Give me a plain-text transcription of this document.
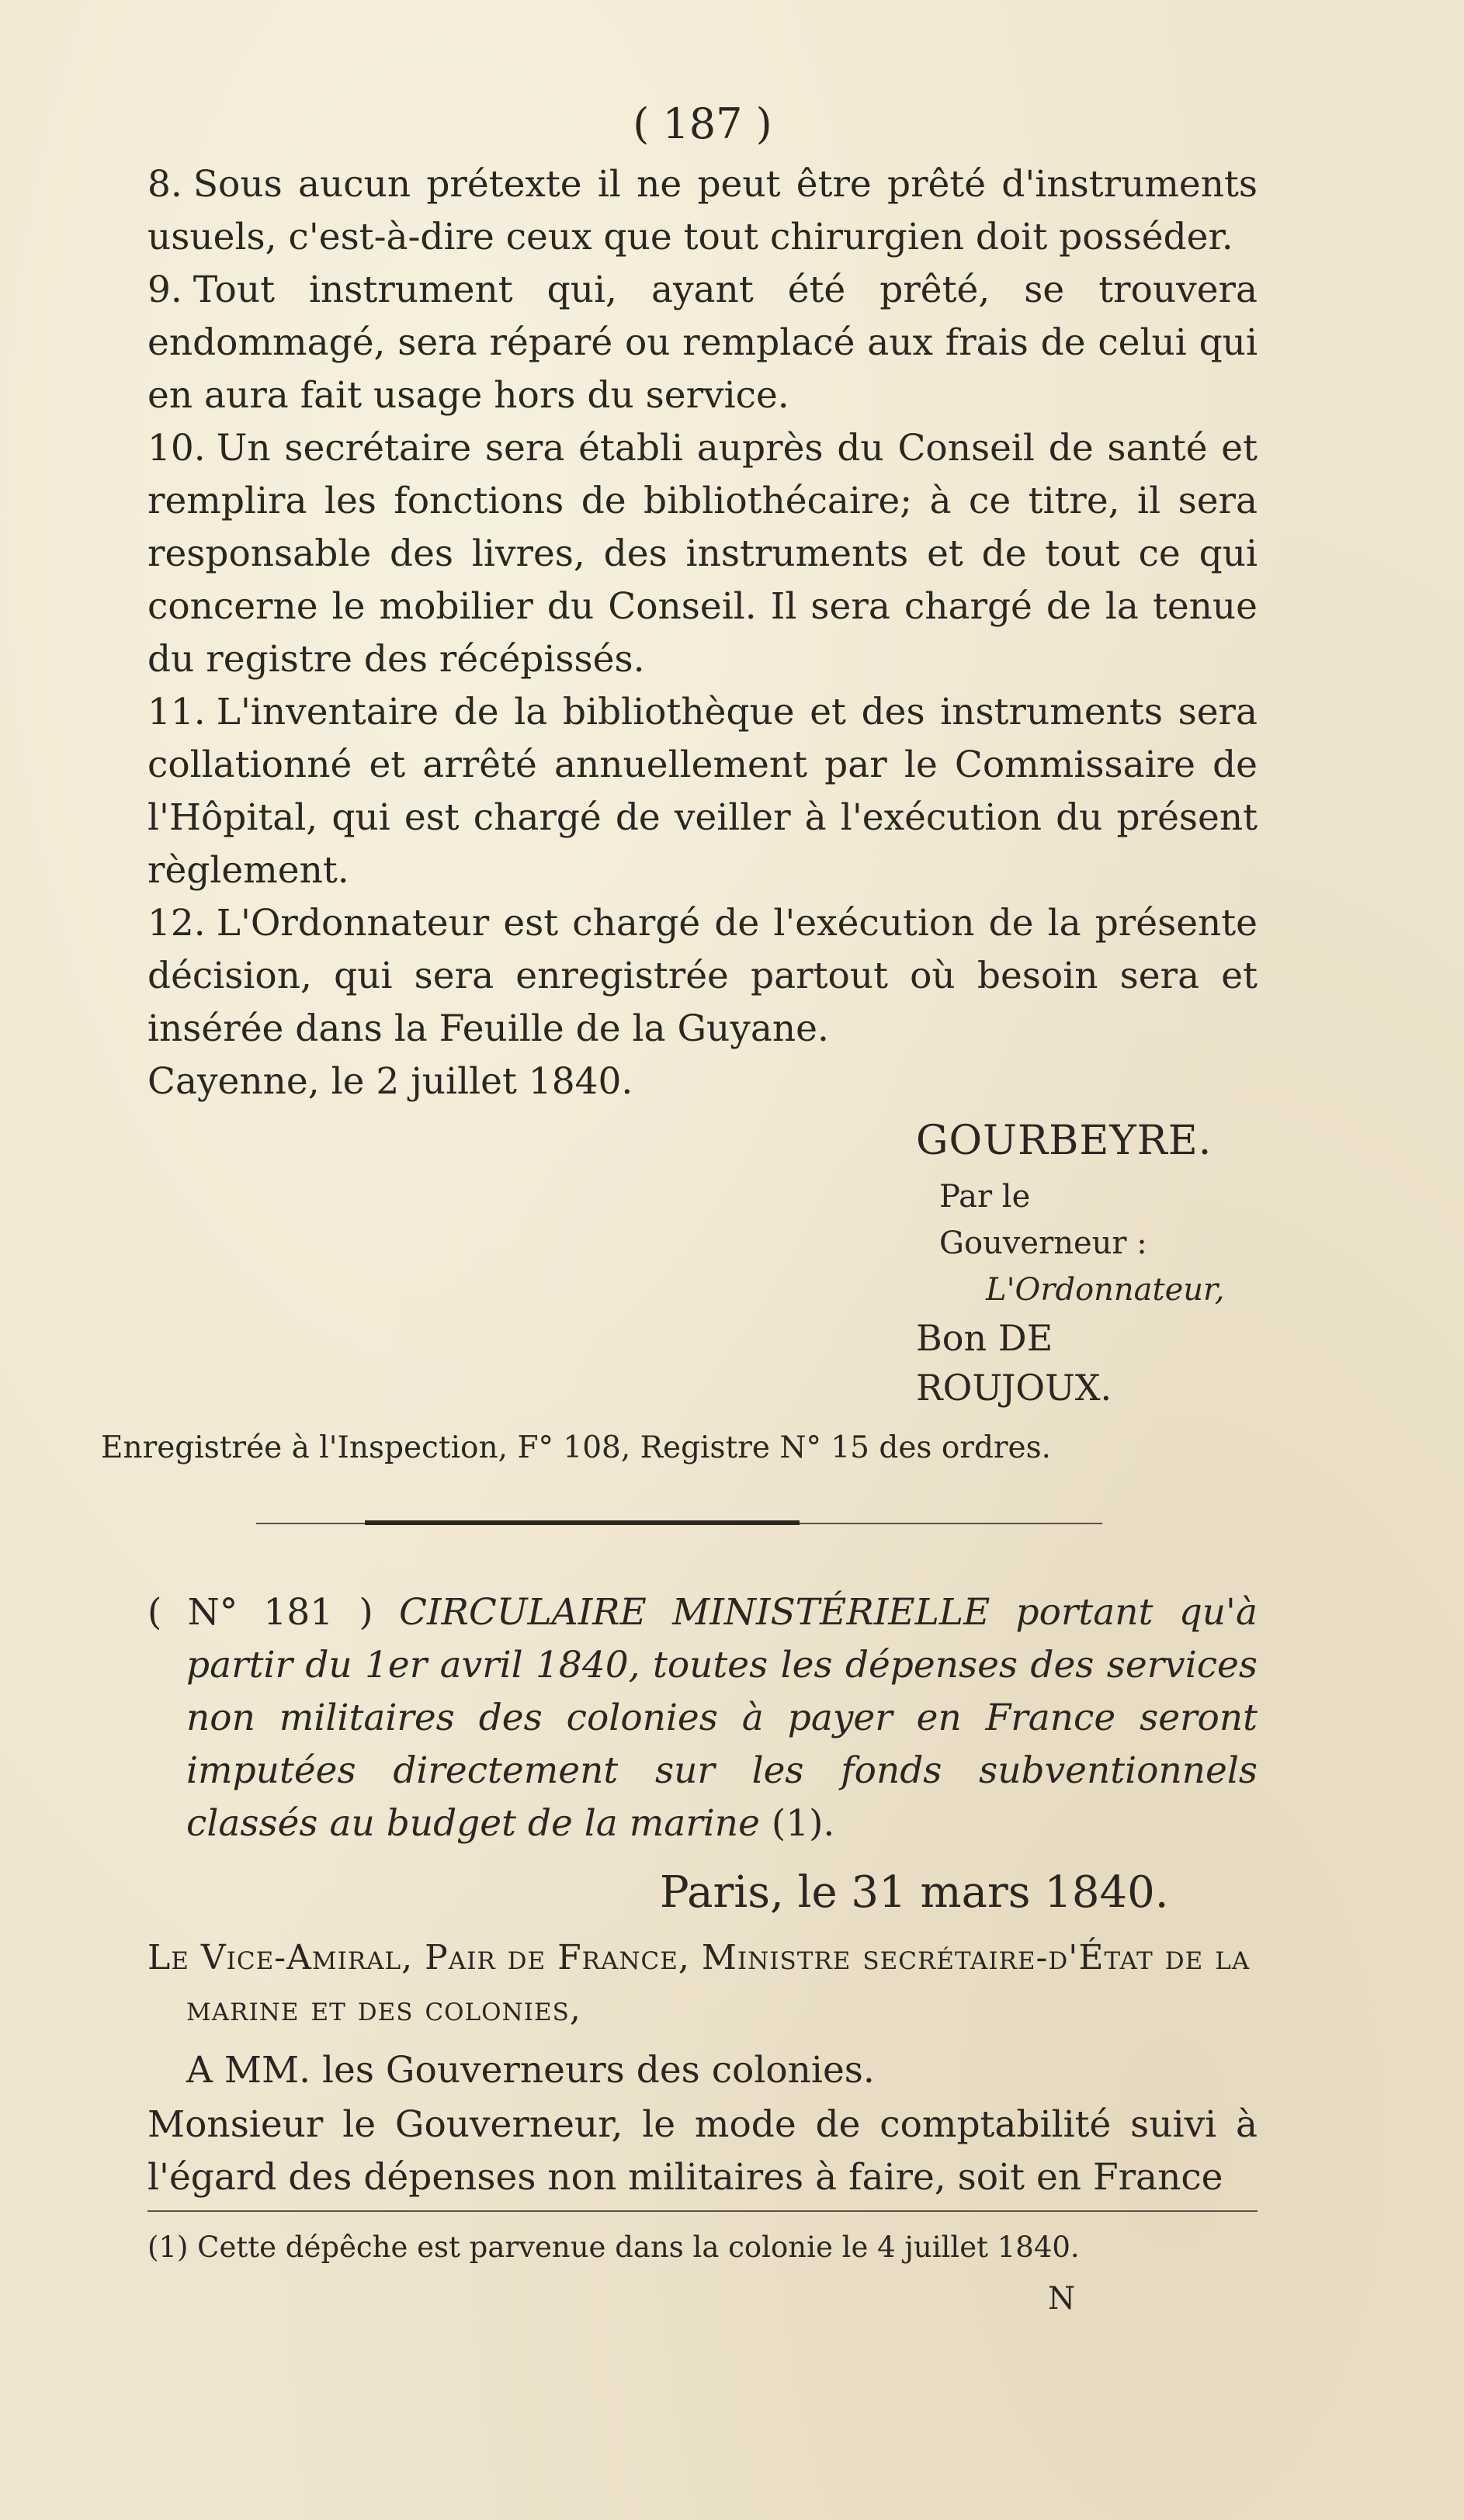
( 187 )

8. Sous aucun prétexte il ne peut être prêté d'instruments usuels, c'est-à-dire ceux que tout chirurgien doit posséder.

9. Tout instrument qui, ayant été prêté, se trouvera endommagé, sera réparé ou remplacé aux frais de celui qui en aura fait usage hors du service.

10. Un secrétaire sera établi auprès du Conseil de santé et remplira les fonctions de bibliothécaire; à ce titre, il sera responsable des livres, des instruments et de tout ce qui concerne le mobilier du Conseil. Il sera chargé de la tenue du registre des récépissés.

11. L'inventaire de la bibliothèque et des instruments sera collationné et arrêté annuellement par le Commissaire de l'Hôpital, qui est chargé de veiller à l'exécution du présent règlement.

12. L'Ordonnateur est chargé de l'exécution de la présente décision, qui sera enregistrée partout où besoin sera et insérée dans la Feuille de la Guyane.

Cayenne, le 2 juillet 1840.

GOURBEYRE.
Par le Gouverneur :
L'Ordonnateur,
Bon DE ROUJOUX.
Enregistrée à l'Inspection, F° 108, Registre N° 15 des ordres.

( N° 181 ) CIRCULAIRE MINISTÉRIELLE portant qu'à partir du 1er avril 1840, toutes les dépenses des services non militaires des colonies à payer en France seront imputées directement sur les fonds subventionnels classés au budget de la marine (1).

Paris, le 31 mars 1840.

Le Vice-Amiral, Pair de France, Ministre secrétaire-d'État de la marine et des colonies,

A MM. les Gouverneurs des colonies.

Monsieur le Gouverneur, le mode de comptabilité suivi à l'égard des dépenses non militaires à faire, soit en France

(1) Cette dépêche est parvenue dans la colonie le 4 juillet 1840.
N
